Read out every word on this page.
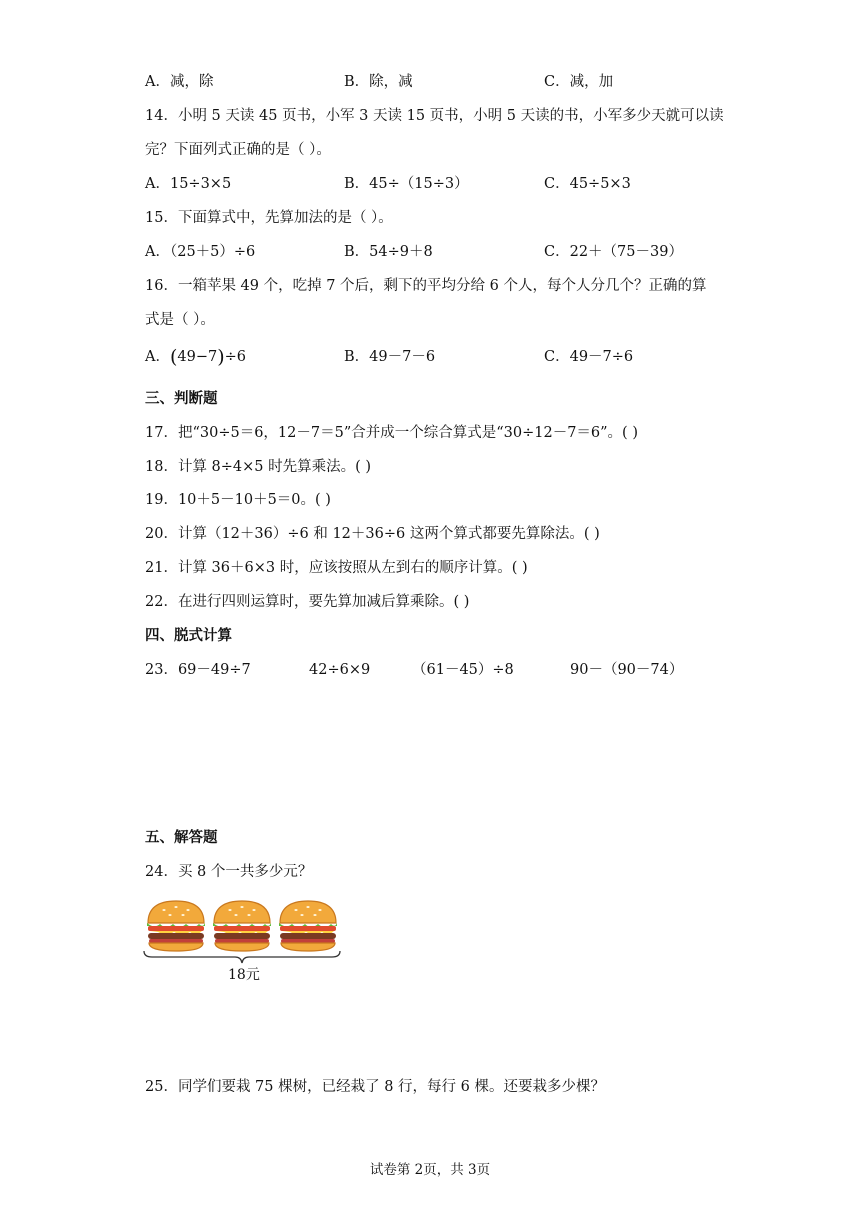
A．减，除	B．除，减	C．减，加
14．小明 5 天读 45 页书，小军 3 天读 15 页书，小明 5 天读的书，小军多少天就可以读
完？下面列式正确的是（ ）。
A．15÷3×5	B．45÷（15÷3）	C．45÷5×3
15．下面算式中，先算加法的是（ ）。
A．（25＋5）÷6	B．54÷9＋8	C．22＋（75－39）
16．一箱苹果 49 个，吃掉 7 个后，剩下的平均分给 6 个人，每个人分几个？正确的算
式是（ ）。
A．(49−7)÷6	B．49－7－6	C．49－7÷6
三、判断题
17．把“30÷5＝6，12－7＝5”合并成一个综合算式是“30÷12－7＝6”。( )
18．计算 8÷4×5 时先算乘法。( )
19．10＋5－10＋5＝0。( )
20．计算（12＋36）÷6 和 12＋36÷6 这两个算式都要先算除法。( )
21．计算 36＋6×3 时，应该按照从左到右的顺序计算。( )
22．在进行四则运算时，要先算加减后算乘除。( )
四、脱式计算
23．69－49÷7	42÷6×9	（61－45）÷8	90－（90－74）
五、解答题
24．买 8 个一共多少元？
18元
25．同学们要栽 75 棵树，已经栽了 8 行，每行 6 棵。还要栽多少棵？
试卷第 2页，共 3页
